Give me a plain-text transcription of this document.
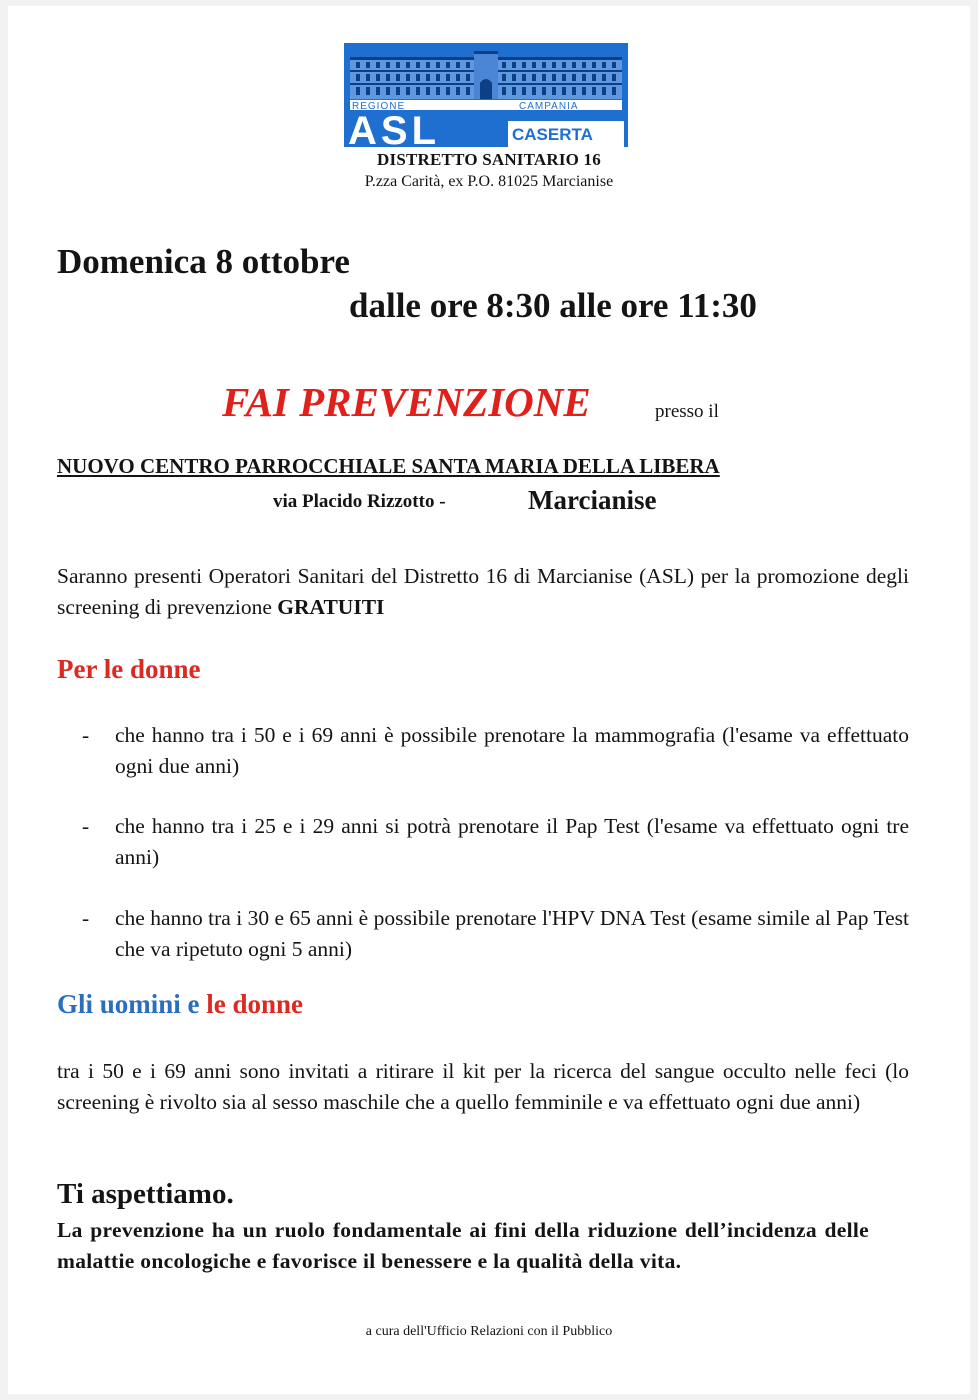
REGIONE	CAMPANIA
ASL	CASERTA
DISTRETTO SANITARIO 16
P.zza Carità, ex P.O. 81025 Marcianise
Domenica 8 ottobre
dalle ore 8:30 alle ore 11:30
FAI PREVENZIONE	presso il
NUOVO CENTRO PARROCCHIALE SANTA MARIA DELLA LIBERA
via Placido Rizzotto -	Marcianise
Saranno presenti Operatori Sanitari del Distretto 16 di Marcianise (ASL) per la promozione degli screening di prevenzione GRATUITI
Per le donne
- che hanno tra i 50 e i 69 anni è possibile prenotare la mammografia (l'esame va effettuato ogni due anni)
- che hanno tra i 25 e i 29 anni si potrà prenotare il Pap Test (l'esame va effettuato ogni tre anni)
- che hanno tra i 30 e 65 anni è possibile prenotare l'HPV DNA Test (esame simile al Pap Test che va ripetuto ogni 5 anni)
Gli uomini e le donne
tra i 50 e i 69 anni sono invitati a ritirare il kit per la ricerca del sangue occulto nelle feci (lo screening è rivolto sia al sesso maschile che a quello femminile e va effettuato ogni due anni)
Ti aspettiamo.
La prevenzione ha un ruolo fondamentale ai fini della riduzione dell’incidenza delle malattie oncologiche e favorisce il benessere e la qualità della vita.
a cura dell'Ufficio Relazioni con il Pubblico
